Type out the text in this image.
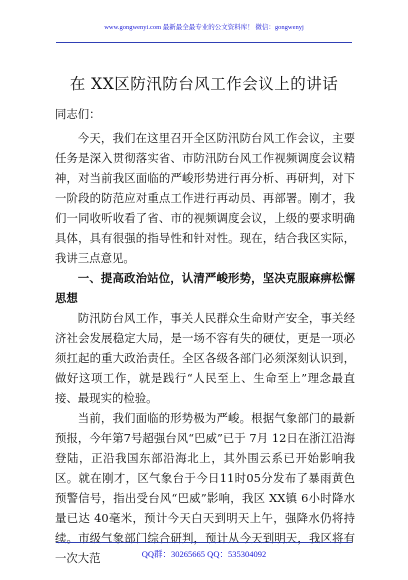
www.gongwenyi.com 最新最全最专业的公文资料库！ 微信：gongwenyj
在 XX区防汛防台风工作会议上的讲话

同志们：

今天，我们在这里召开全区防汛防台风工作会议，主要任务是深入贯彻落实省、市防汛防台风工作视频调度会议精神，对当前我区面临的严峻形势进行再分析、再研判，对下一阶段的防范应对重点工作进行再动员、再部署。刚才，我们一同收听收看了省、市的视频调度会议，上级的要求明确具体，具有很强的指导性和针对性。现在，结合我区实际，我讲三点意见。

一、提高政治站位，认清严峻形势，坚决克服麻痹松懈思想

防汛防台风工作，事关人民群众生命财产安全，事关经济社会发展稳定大局，是一场不容有失的硬仗，更是一项必须扛起的重大政治责任。全区各级各部门必须深刻认识到，做好这项工作，就是践行“人民至上、生命至上”理念最直接、最现实的检验。

当前，我们面临的形势极为严峻。根据气象部门的最新预报，今年第7号超强台风“巴威”已于 7月 12日在浙江沿海登陆，正沿我国东部沿海北上，其外围云系已开始影响我区。就在刚才，区气象台于今日11时05分发布了暴雨黄色预警信号，指出受台风“巴威”影响，我区 XX镇 6小时降水量已达 40毫米，预计今天白天到明天上午，强降水仍将持续。市级气象部门综合研判，预计从今天到明天，我区将有一次大范	QQ群：30265665 QQ：535304092
